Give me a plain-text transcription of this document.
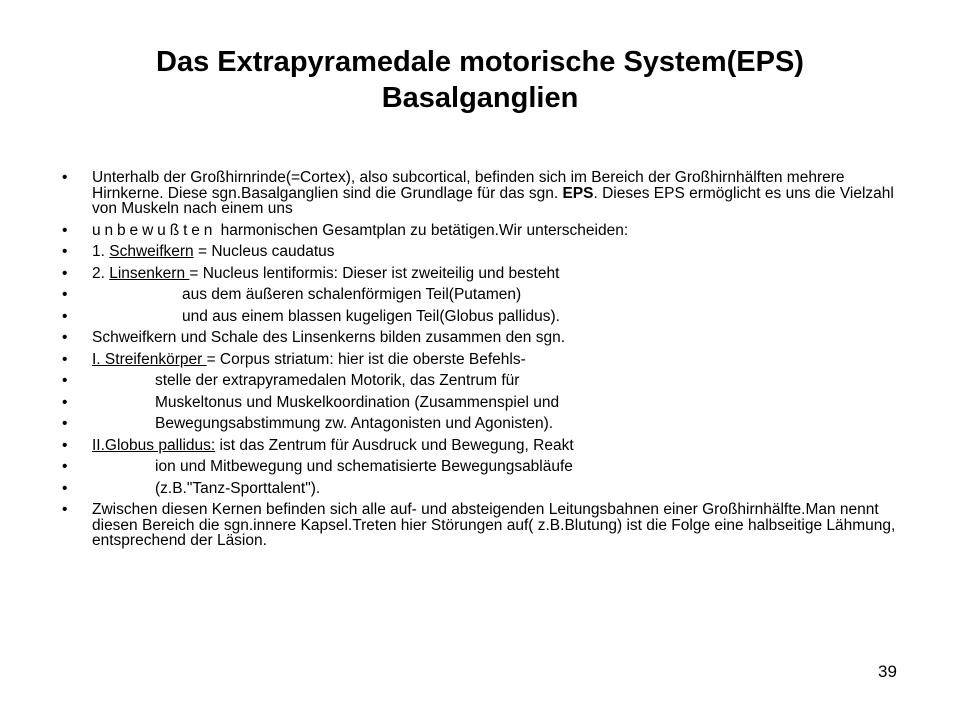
Das Extrapyramedale motorische System(EPS)
Basalganglien
•	Unterhalb der Großhirnrinde(=Cortex), also subcortical, befinden sich im Bereich der Großhirnhälften mehrere Hirnkerne. Diese sgn.Basalganglien sind die Grundlage für das sgn. EPS. Dieses EPS ermöglicht es uns die Vielzahl von Muskeln nach einem uns
•	unbewußten harmonischen Gesamtplan zu betätigen.Wir unterscheiden:
•	1. Schweifkern = Nucleus caudatus
•	2. Linsenkern = Nucleus lentiformis: Dieser ist zweiteilig und besteht
•	aus dem äußeren schalenförmigen Teil(Putamen)
•	und aus einem blassen kugeligen Teil(Globus pallidus).
•	Schweifkern und Schale des Linsenkerns bilden zusammen den sgn.
•	I. Streifenkörper = Corpus striatum: hier ist die oberste Befehls-
•	stelle der extrapyramedalen Motorik, das Zentrum für
•	Muskeltonus und Muskelkoordination (Zusammenspiel und
•	Bewegungsabstimmung zw. Antagonisten und Agonisten).
•	II.Globus pallidus: ist das Zentrum für Ausdruck und Bewegung, Reakt
•	ion und Mitbewegung und schematisierte Bewegungsabläufe
•	(z.B."Tanz-Sporttalent").
•	Zwischen diesen Kernen befinden sich alle auf- und absteigenden Leitungsbahnen einer Großhirnhälfte.Man nennt diesen Bereich die sgn.innere Kapsel.Treten hier Störungen auf( z.B.Blutung) ist die Folge eine halbseitige Lähmung, entsprechend der Läsion.
39
